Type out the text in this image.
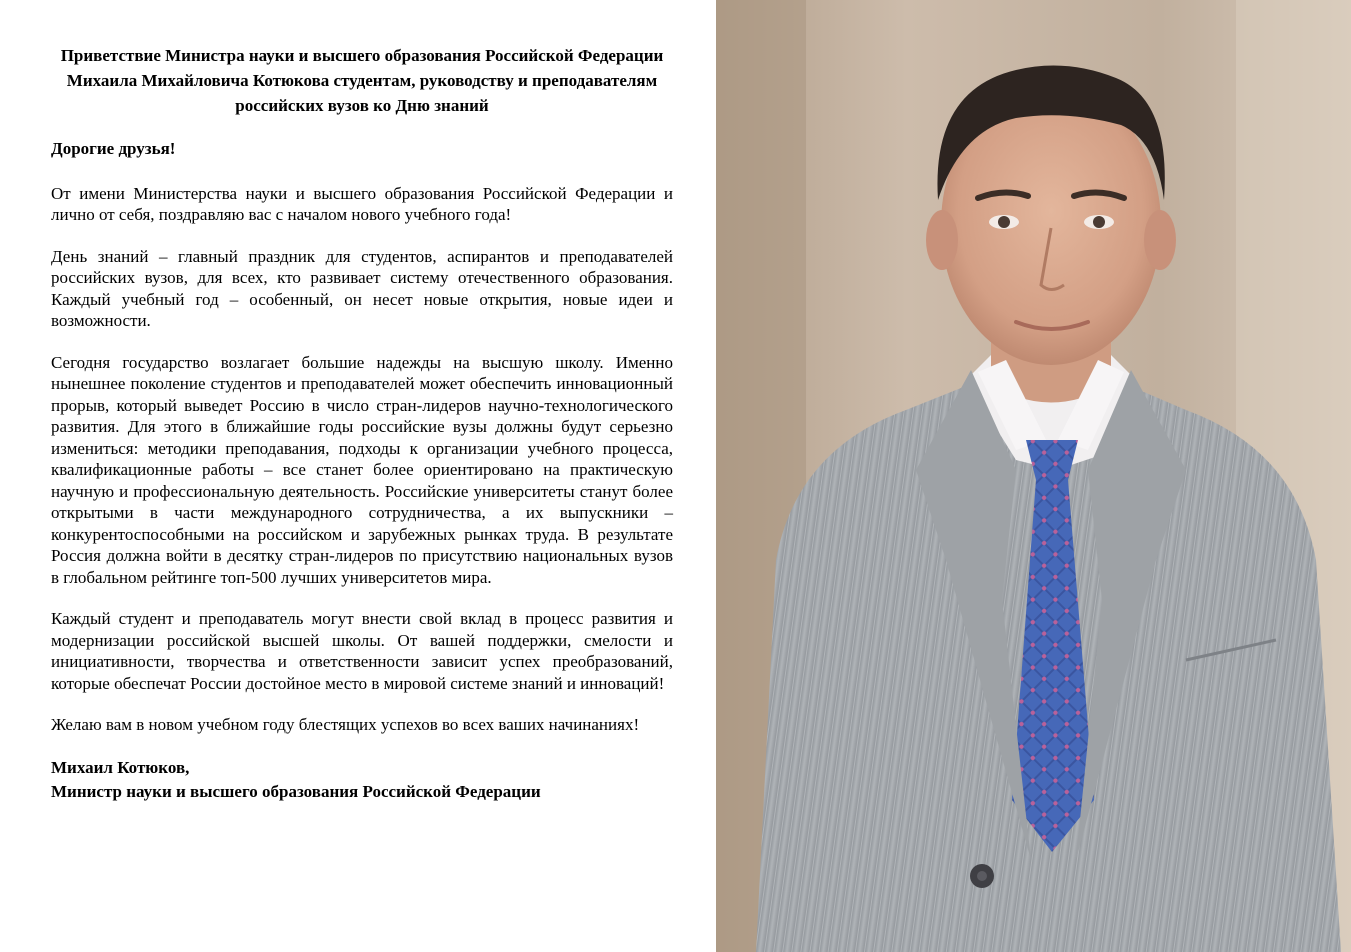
Приветствие Министра науки и высшего образования Российской Федерации Михаила Михайловича Котюкова студентам, руководству и преподавателям российских вузов ко Дню знаний

Дорогие друзья!

От имени Министерства науки и высшего образования Российской Федерации и лично от себя, поздравляю вас с началом нового учебного года!

День знаний – главный праздник для студентов, аспирантов и преподавателей российских вузов, для всех, кто развивает систему отечественного образования. Каждый учебный год – особенный, он несет новые открытия, новые идеи и возможности.

Сегодня государство возлагает большие надежды на высшую школу. Именно нынешнее поколение студентов и преподавателей может обеспечить инновационный прорыв, который выведет Россию в число стран-лидеров научно-технологического развития. Для этого в ближайшие годы российские вузы должны будут серьезно измениться: методики преподавания, подходы к организации учебного процесса, квалификационные работы – все станет более ориентировано на практическую научную и профессиональную деятельность. Российские университеты станут более открытыми в части международного сотрудничества, а их выпускники – конкурентоспособными на российском и зарубежных рынках труда. В результате Россия должна войти в десятку стран-лидеров по присутствию национальных вузов в глобальном рейтинге топ-500 лучших университетов мира.

Каждый студент и преподаватель могут внести свой вклад в процесс развития и модернизации российской высшей школы. От вашей поддержки, смелости и инициативности, творчества и ответственности зависит успех преобразований, которые обеспечат России достойное место в мировой системе знаний и инноваций!

Желаю вам в новом учебном году блестящих успехов во всех ваших начинаниях!

Михаил Котюков,
Министр науки и высшего образования Российской Федерации
